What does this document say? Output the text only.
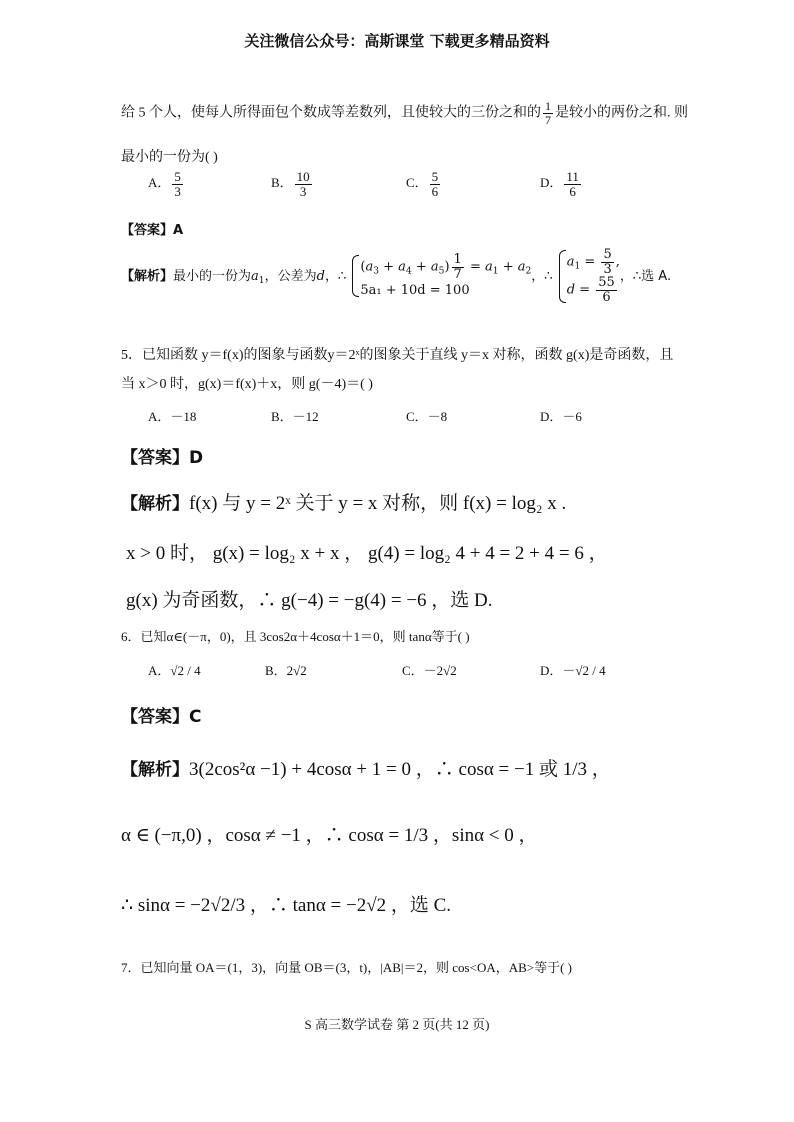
关注微信公众号：高斯课堂 下载更多精品资料
给 5 个人，使每人所得面包个数成等差数列，且使较大的三份之和的 $\frac{1}{7}$ 是较小的两份之和. 则
最小的一份为( )
A． $\frac{5}{3}$	B． $\frac{10}{3}$	C． $\frac{5}{6}$	D． $\frac{11}{6}$
【答案】A
【解析】最小的一份为$a_1$，公差为d，∴
$(a_3 + a_4 + a_5) \frac{1}{7} = a_1 + a_2$
5a₁ + 10d = 100
，∴
$a_1 = \frac{5}{3}$ ,
$d = \frac{55}{6}$ ，∴选 A.
5．已知函数 y＝f(x)的图象与函数y＝2ˣ的图象关于直线 y＝x 对称，函数 g(x)是奇函数，且
当 x＞0 时，g(x)＝f(x)＋x，则 g(－4)＝( )
A．－18	B．－12	C．－8	D．－6
【答案】D
【解析】f(x) 与 y = 2ˣ 关于 y = x 对称，则 f(x) = log₂ x .
x > 0 时， g(x) = log₂ x + x ， g(4) = log₂ 4 + 4 = 2 + 4 = 6 ，
g(x) 为奇函数，∴ g(−4) = −g(4) = −6 ，选 D.
6．已知α∈(－π，0)，且 3cos2α＋4cosα＋1＝0，则 tanα等于( )
A．√2 / 4	B．2√2	C．－2√2	D．－√2 / 4
【答案】C
【解析】3(2cos²α −1) + 4cosα + 1 = 0 ，∴ cosα = −1 或 1/3 ，
α ∈ (−π,0) ，cosα ≠ −1 ，∴ cosα = 1/3 ，sinα < 0 ，
∴ sinα = −2√2/3 ，∴ tanα = −2√2 ，选 C.
7．已知向量 OA＝(1，3)，向量 OB＝(3，t)，|AB|＝2，则 cos<OA，AB>等于( )
S 高三数学试卷 第 2 页(共 12 页)
